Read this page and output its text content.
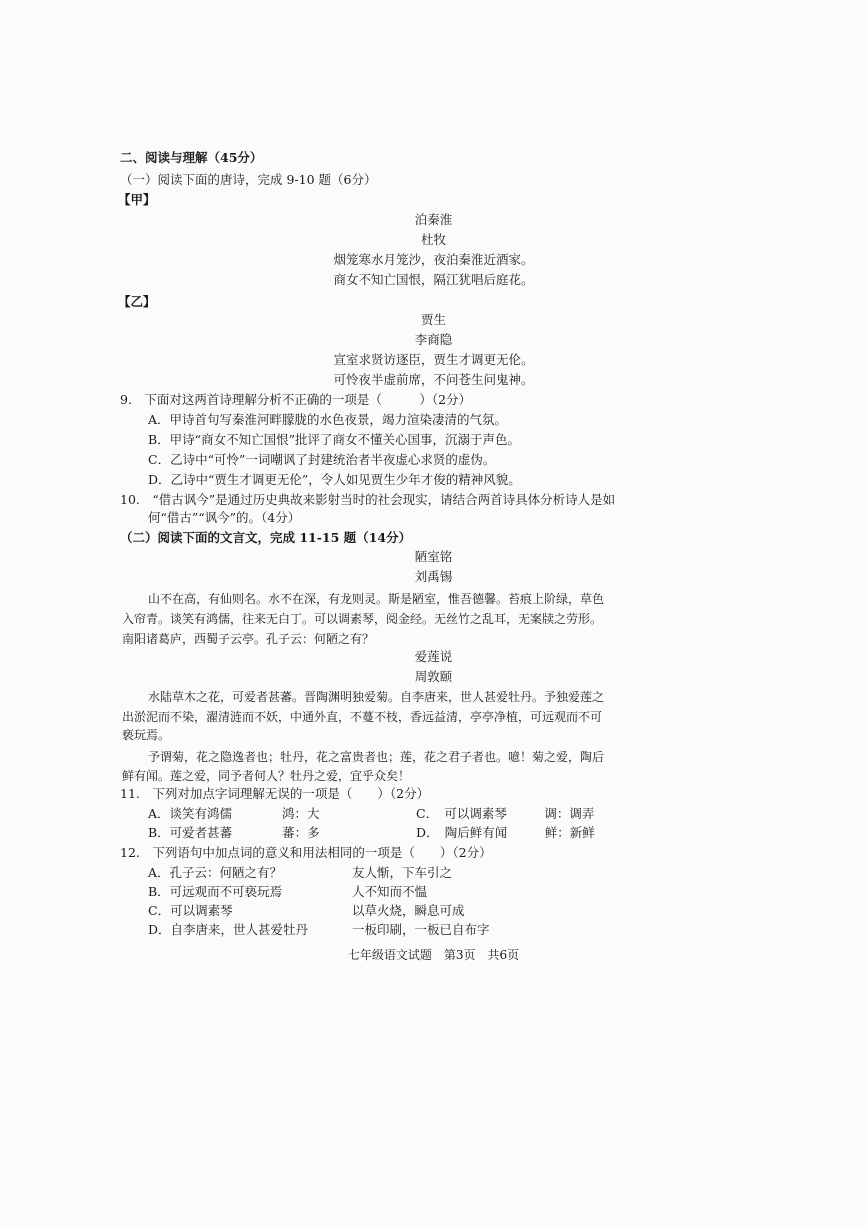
二、阅读与理解（45分）
（一）阅读下面的唐诗，完成 9-10 题（6分）
【甲】
泊秦淮
杜牧
烟笼寒水月笼沙，夜泊秦淮近酒家。
商女不知亡国恨，隔江犹唱后庭花。
【乙】
贾生
李商隐
宣室求贤访逐臣，贾生才调更无伦。
可怜夜半虚前席，不问苍生问鬼神。
9.　下面对这两首诗理解分析不正确的一项是（　　　）（2分）
A．甲诗首句写秦淮河畔朦胧的水色夜景，竭力渲染凄清的气氛。
B．甲诗“商女不知亡国恨”批评了商女不懂关心国事，沉溺于声色。
C．乙诗中“可怜”一词嘲讽了封建统治者半夜虚心求贤的虚伪。
D．乙诗中“贾生才调更无伦”，令人如见贾生少年才俊的精神风貌。
10.　“借古讽今”是通过历史典故来影射当时的社会现实，请结合两首诗具体分析诗人是如
何“借古”“讽今”的。（4分）
（二）阅读下面的文言文，完成 11-15 题（14分）
陋室铭
刘禹锡
山不在高，有仙则名。水不在深，有龙则灵。斯是陋室，惟吾德馨。苔痕上阶绿，草色
入帘青。谈笑有鸿儒，往来无白丁。可以调素琴，阅金经。无丝竹之乱耳，无案牍之劳形。
南阳诸葛庐，西蜀子云亭。孔子云：何陋之有？
爱莲说
周敦颐
水陆草木之花，可爱者甚蕃。晋陶渊明独爱菊。自李唐来，世人甚爱牡丹。予独爱莲之
出淤泥而不染，濯清涟而不妖，中通外直，不蔓不枝，香远益清，亭亭净植，可远观而不可
亵玩焉。
予谓菊，花之隐逸者也；牡丹，花之富贵者也；莲，花之君子者也。噫！菊之爱，陶后
鲜有闻。莲之爱，同予者何人？牡丹之爱，宜乎众矣！
11.　下列对加点字词理解无误的一项是（　　）（2分）
A．谈笑有鸿儒　　　　鸿：大	C．　可以调素琴　　　调：调弄
B．可爱者甚蕃　　　　蕃：多	D．　陶后鲜有闻　　　鲜：新鲜
12.　下列语句中加点词的意义和用法相同的一项是（　　）（2分）
A．孔子云：何陋之有？	友人惭，下车引之
B．可远观而不可亵玩焉	人不知而不愠
C．可以调素琴	以草火烧，瞬息可成
D．自李唐来，世人甚爱牡丹	一板印刷，一板已自布字
七年级语文试题　第3页　共6页
